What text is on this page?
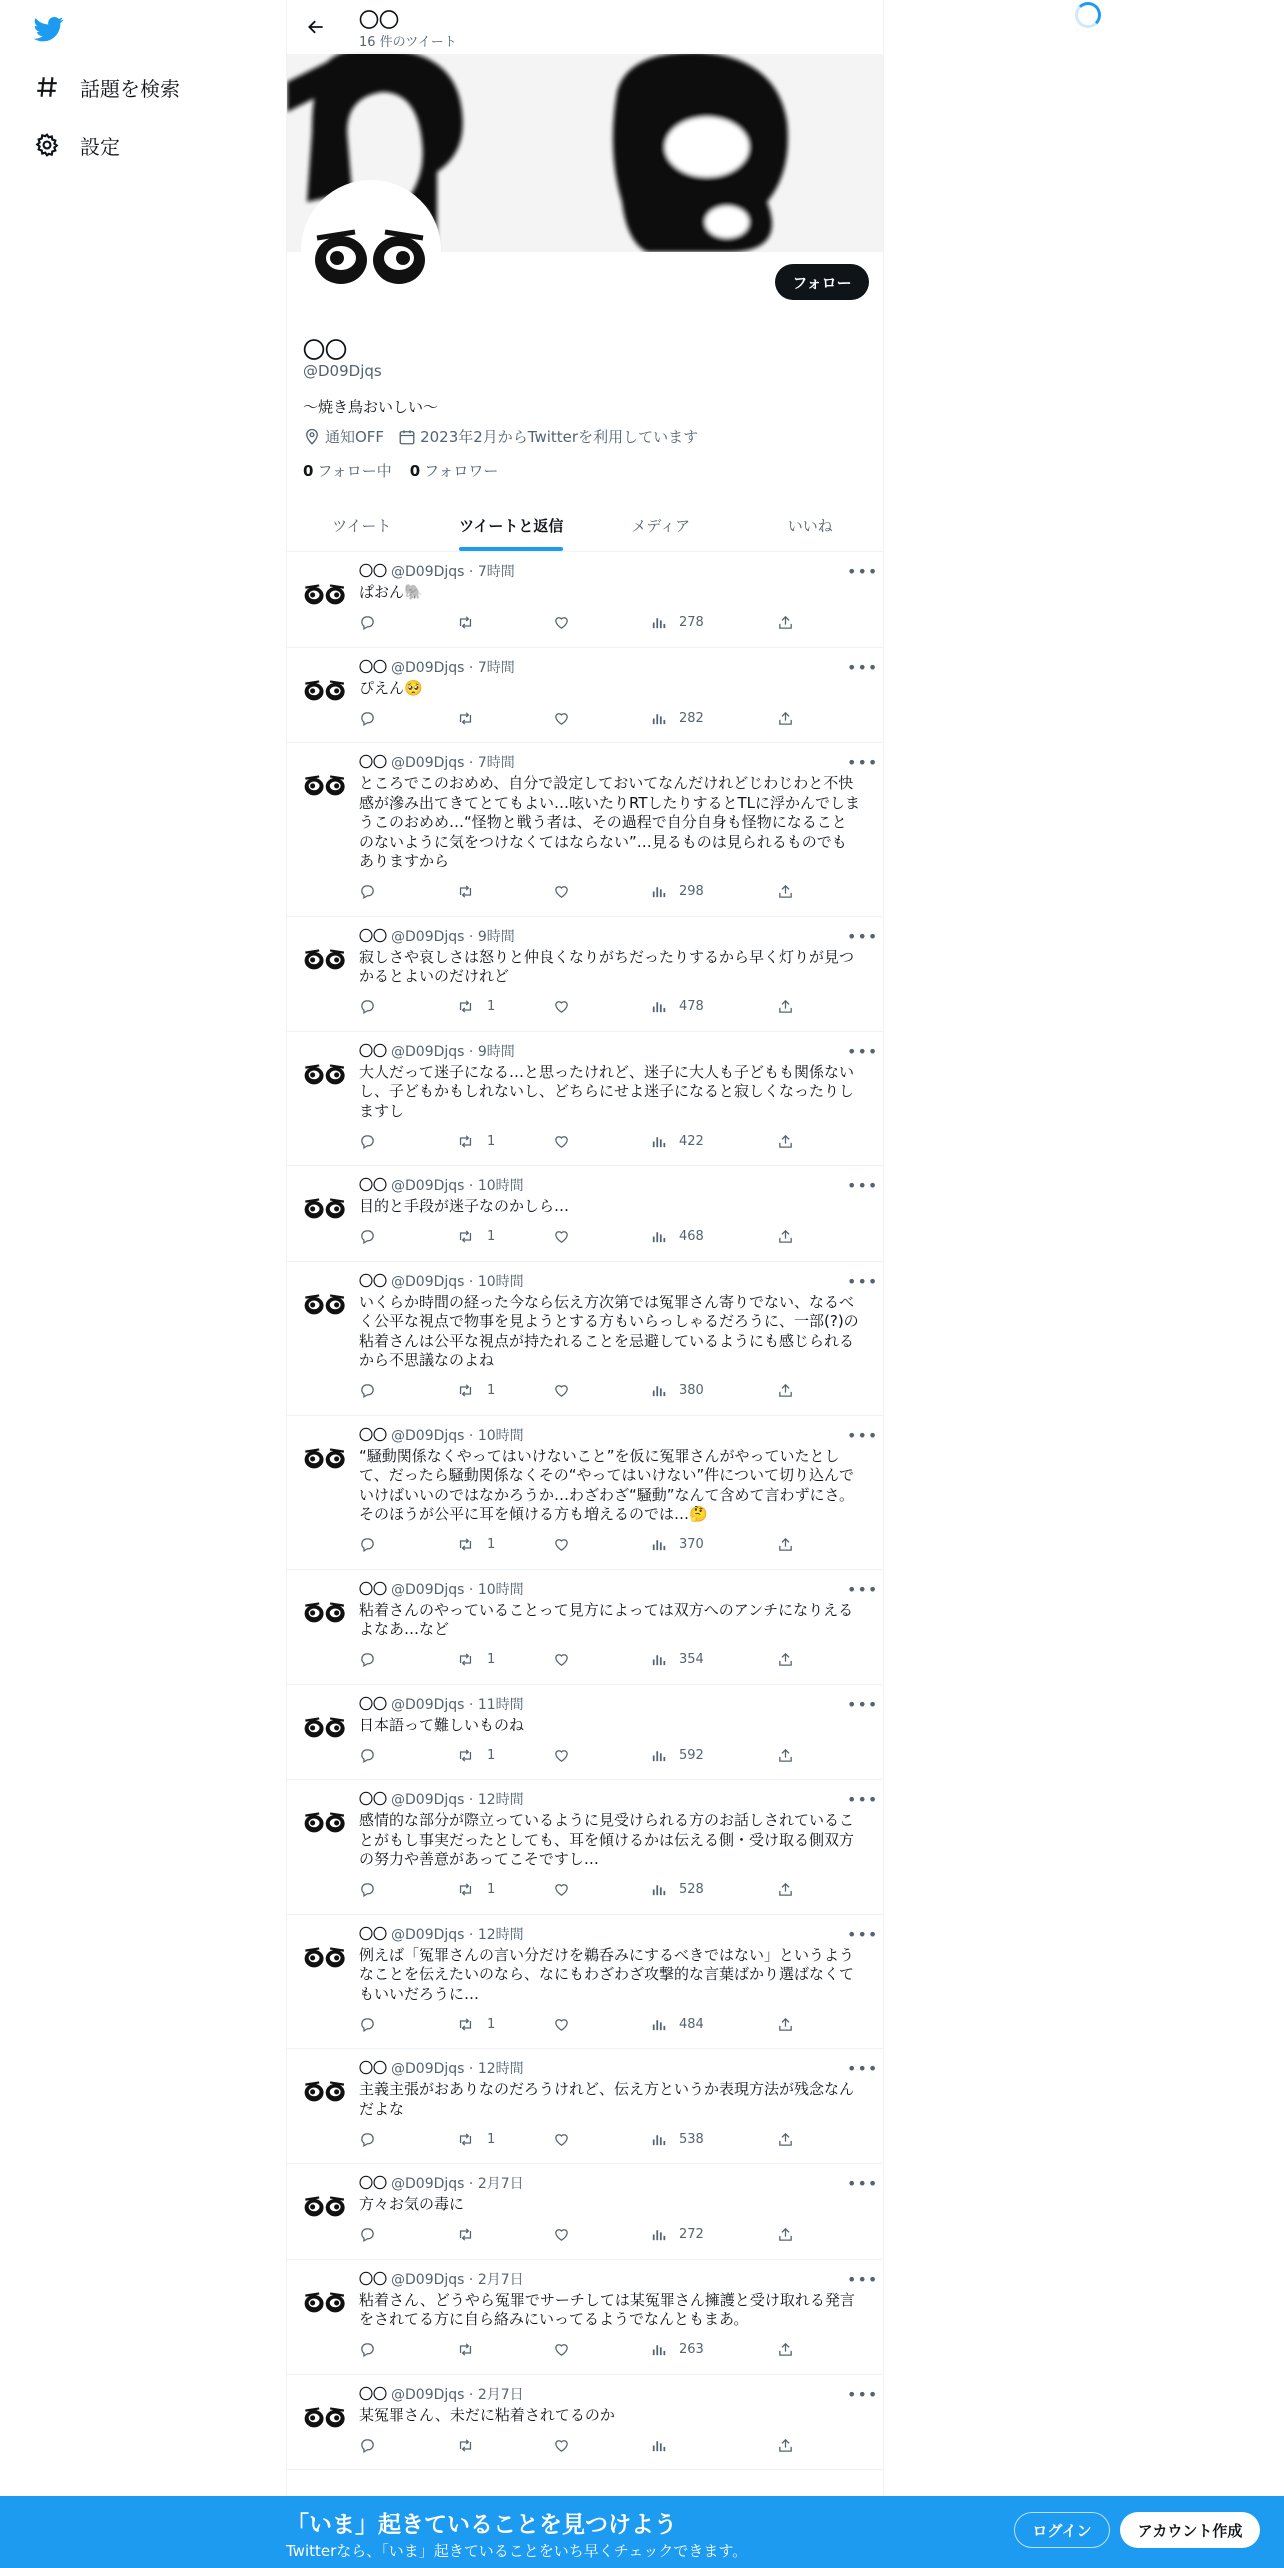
話題を検索
設定
〇〇
16 件のツイート
フォロー
〇〇
@D09Djqs
〜焼き鳥おいしい〜
通知OFF 2023年2月からTwitterを利用しています
0 フォロー中 0 フォロワー
ツイート	ツイートと返信	メディア	いいね
•••
〇〇 @D09Djqs · 7時間
ぱおん🐘
278
•••
〇〇 @D09Djqs · 7時間
ぴえん🥺
282
•••
〇〇 @D09Djqs · 7時間
ところでこのおめめ、自分で設定しておいてなんだけれどじわじわと不快感が滲み出てきてとてもよい…呟いたりRTしたりするとTLに浮かんでしまうこのおめめ…“怪物と戦う者は、その過程で自分自身も怪物になることのないように気をつけなくてはならない”…見るものは見られるものでもありますから
298
•••
〇〇 @D09Djqs · 9時間
寂しさや哀しさは怒りと仲良くなりがちだったりするから早く灯りが見つかるとよいのだけれど
1	478
•••
〇〇 @D09Djqs · 9時間
大人だって迷子になる…と思ったけれど、迷子に大人も子どもも関係ないし、子どもかもしれないし、どちらにせよ迷子になると寂しくなったりしますし
1	422
•••
〇〇 @D09Djqs · 10時間
目的と手段が迷子なのかしら…
1	468
•••
〇〇 @D09Djqs · 10時間
いくらか時間の経った今なら伝え方次第では冤罪さん寄りでない、なるべく公平な視点で物事を見ようとする方もいらっしゃるだろうに、一部(?)の粘着さんは公平な視点が持たれることを忌避しているようにも感じられるから不思議なのよね
1	380
•••
〇〇 @D09Djqs · 10時間
“騒動関係なくやってはいけないこと”を仮に冤罪さんがやっていたとして、だったら騒動関係なくその“やってはいけない”件について切り込んでいけばいいのではなかろうか…わざわざ“騒動”なんて含めて言わずにさ。そのほうが公平に耳を傾ける方も増えるのでは…🤔
1	370
•••
〇〇 @D09Djqs · 10時間
粘着さんのやっていることって見方によっては双方へのアンチになりえるよなあ…など
1	354
•••
〇〇 @D09Djqs · 11時間
日本語って難しいものね
1	592
•••
〇〇 @D09Djqs · 12時間
感情的な部分が際立っているように見受けられる方のお話しされていることがもし事実だったとしても、耳を傾けるかは伝える側・受け取る側双方の努力や善意があってこそですし…
1	528
•••
〇〇 @D09Djqs · 12時間
例えば「冤罪さんの言い分だけを鵜呑みにするべきではない」というようなことを伝えたいのなら、なにもわざわざ攻撃的な言葉ばかり選ばなくてもいいだろうに…
1	484
•••
〇〇 @D09Djqs · 12時間
主義主張がおありなのだろうけれど、伝え方というか表現方法が残念なんだよな
1	538
•••
〇〇 @D09Djqs · 2月7日
方々お気の毒に
272
•••
〇〇 @D09Djqs · 2月7日
粘着さん、どうやら冤罪でサーチしては某冤罪さん擁護と受け取れる発言をされてる方に自ら絡みにいってるようでなんともまあ。
263
•••
〇〇 @D09Djqs · 2月7日
某冤罪さん、未だに粘着されてるのか
「いま」起きていることを見つけよう
Twitterなら、「いま」起きていることをいち早くチェックできます。
ログイン	アカウント作成
